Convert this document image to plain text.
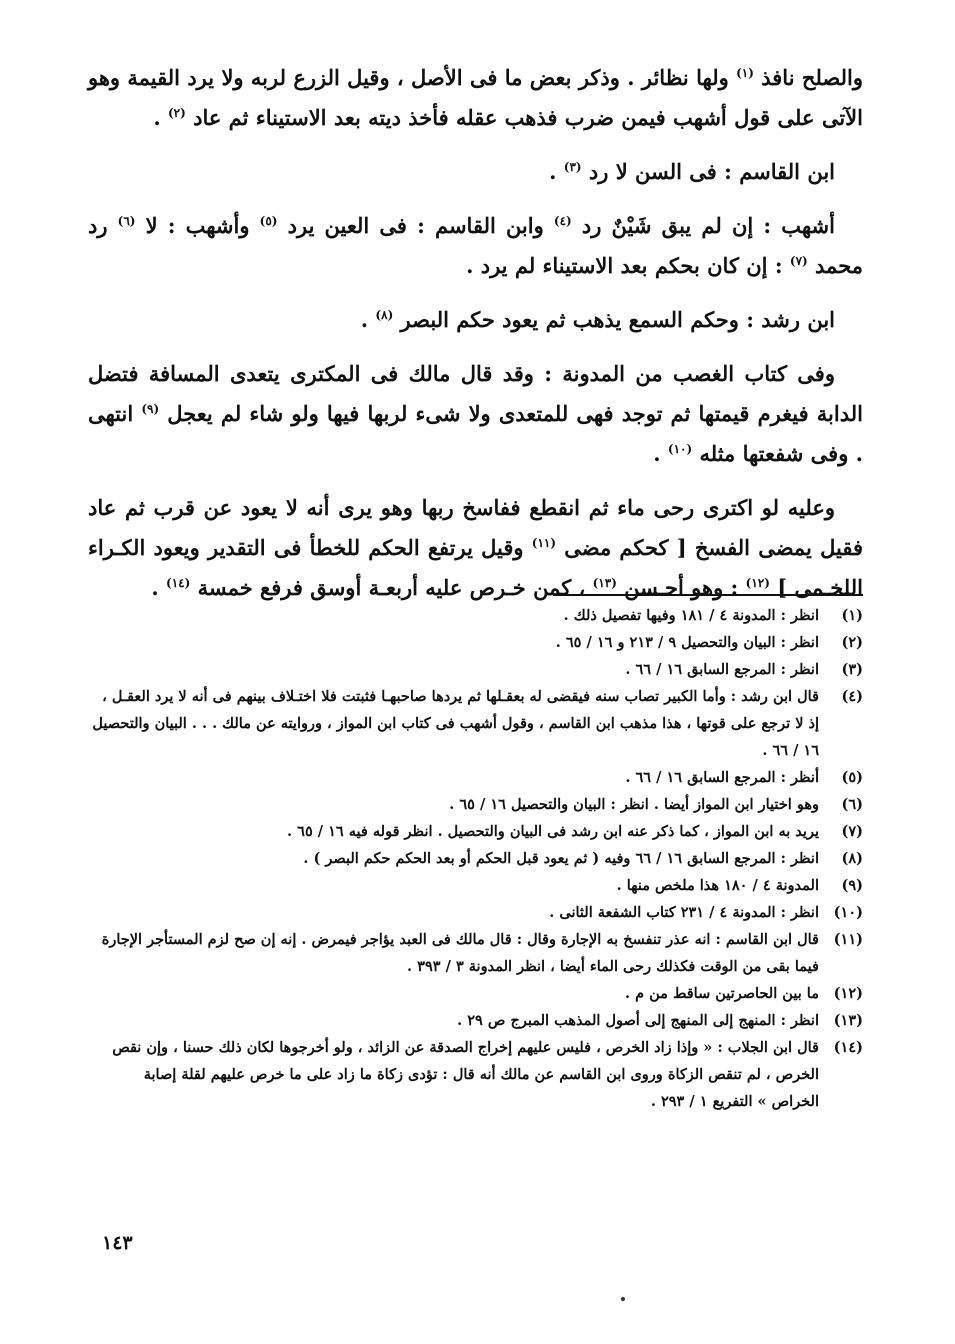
والصلح نافذ $^{(١)}$ ولها نظائر . وذكر بعض ما فى الأصل ، وقيل الزرع لربه ولا يرد القيمة وهو الآتى على قول أشهب فيمن ضرب فذهب عقله فأخذ ديته بعد الاستيناء ثم عاد $^{(٢)}$ .

ابن القاسم : فى السن لا رد $^{(٣)}$ .

أشهب : إن لم يبق شَيْنٌ رد $^{(٤)}$ وابن القاسم : فى العين يرد $^{(٥)}$ وأشهب : لا $^{(٦)}$ رد محمد $^{(٧)}$ : إن كان بحكم بعد الاستيناء لم يرد .

ابن رشد : وحكم السمع يذهب ثم يعود حكم البصر $^{(٨)}$ .

وفى كتاب الغصب من المدونة : وقد قال مالك فى المكترى يتعدى المسافة فتضل الدابة فيغرم قيمتها ثم توجد فهى للمتعدى ولا شىء لربها فيها ولو شاء لم يعجل $^{(٩)}$ انتهى . وفى شفعتها مثله $^{(١٠)}$ .

وعليه لو اكترى رحى ماء ثم انقطع ففاسخ ربها وهو يرى أنه لا يعود عن قرب ثم عاد فقيل يمضى الفسخ [ كحكم مضى $^{(١١)}$ وقيل يرتفع الحكم للخطأ فى التقدير ويعود الكـراء اللخـمى ] $^{(١٢)}$ : وهو أحـسن $^{(١٣)}$ ، كمن خـرص عليه أربعـة أوسق فرفع خمسة $^{(١٤)}$ .

(١)
انظر : المدونة ٤ / ١٨١ وفيها تفصيل ذلك .
(٢)
انظر : البيان والتحصيل ٩ / ٢١٣ و ١٦ / ٦٥ .
(٣)
انظر : المرجع السابق ١٦ / ٦٦ .
(٤)
قال ابن رشد : وأما الكبير تصاب سنه فيقضى له بعقـلها ثم يردها صاحبهـا فثبتت فلا اختـلاف بينهم فى أنه لا يرد العقـل ، إذ لا ترجع على قوتها ، هذا مذهب ابن القاسم ، وقول أشهب فى كتاب ابن المواز ، وروايته عن مالك . . . البيان والتحصيل ١٦ / ٦٦ .
(٥)
أنظر : المرجع السابق ١٦ / ٦٦ .
(٦)
وهو اختيار ابن المواز أيضا . انظر : البيان والتحصيل ١٦ / ٦٥ .
(٧)
يريد به ابن المواز ، كما ذكر عنه ابن رشد فى البيان والتحصيل . انظر قوله فيه ١٦ / ٦٥ .
(٨)
انظر : المرجع السابق ١٦ / ٦٦ وفيه ( ثم يعود قبل الحكم أو بعد الحكم حكم البصر ) .
(٩)
المدونة ٤ / ١٨٠ هذا ملخص منها .
(١٠)
انظر : المدونة ٤ / ٢٣١ كتاب الشفعة الثانى .
(١١)
قال ابن القاسم : انه عذر تنفسخ به الإجارة وقال : قال مالك فى العبد يؤاجر فيمرض . إنه إن صح لزم المستأجر الإجارة فيما بقى من الوقت فكذلك رحى الماء أيضا ، انظر المدونة ٣ / ٣٩٣ .
(١٢)
ما بين الحاصرتين ساقط من م .
(١٣)
انظر : المنهج إلى المنهج إلى أصول المذهب المبرج ص ٢٩ .
(١٤)
قال ابن الجلاب : « وإذا زاد الخرص ، فليس عليهم إخراج الصدقة عن الزائد ، ولو أخرجوها لكان ذلك حسنا ، وإن نقص الخرص ، لم تنقص الزكاة وروى ابن القاسم عن مالك أنه قال : تؤدى زكاة ما زاد على ما خرص عليهم لقلة إصابة الخراص » التفريع ١ / ٢٩٣ .
١٤٣
